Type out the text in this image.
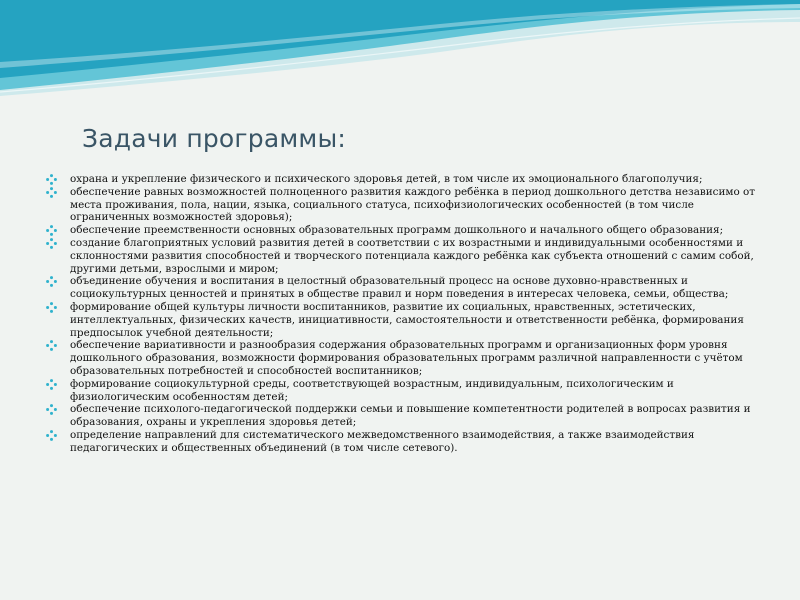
Задачи программы:
охрана и укрепление физического и психического здоровья детей, в том числе их эмоционального благополучия;
обеспечение равных возможностей полноценного развития каждого ребёнка в период дошкольного детства независимо от места проживания, пола, нации, языка, социального статуса, психофизиологических особенностей (в том числе ограниченных возможностей здоровья);
обеспечение преемственности основных образовательных программ дошкольного и начального общего образования;
создание благоприятных условий развития детей в соответствии с их возрастными и индивидуальными особенностями и склонностями развития способностей и творческого потенциала каждого ребёнка как субъекта отношений с самим собой, другими детьми, взрослыми и миром;
объединение обучения и воспитания в целостный образовательный процесс на основе духовно-нравственных и социокультурных ценностей и принятых в обществе правил и норм поведения в интересах человека, семьи, общества;
формирование общей культуры личности воспитанников, развитие их социальных, нравственных, эстетических, интеллектуальных, физических качеств, инициативности, самостоятельности и ответственности ребёнка, формирования предпосылок учебной деятельности;
обеспечение вариативности и разнообразия содержания образовательных программ и организационных форм уровня дошкольного образования, возможности формирования образовательных программ различной направленности с учётом образовательных потребностей и способностей воспитанников;
формирование социокультурной среды, соответствующей возрастным, индивидуальным, психологическим и физиологическим особенностям детей;
обеспечение психолого-педагогической поддержки семьи и повышение компетентности родителей в вопросах развития и образования, охраны и укрепления здоровья детей;
определение направлений для систематического межведомственного взаимодействия, а также взаимодействия педагогических и общественных объединений (в том числе сетевого).
